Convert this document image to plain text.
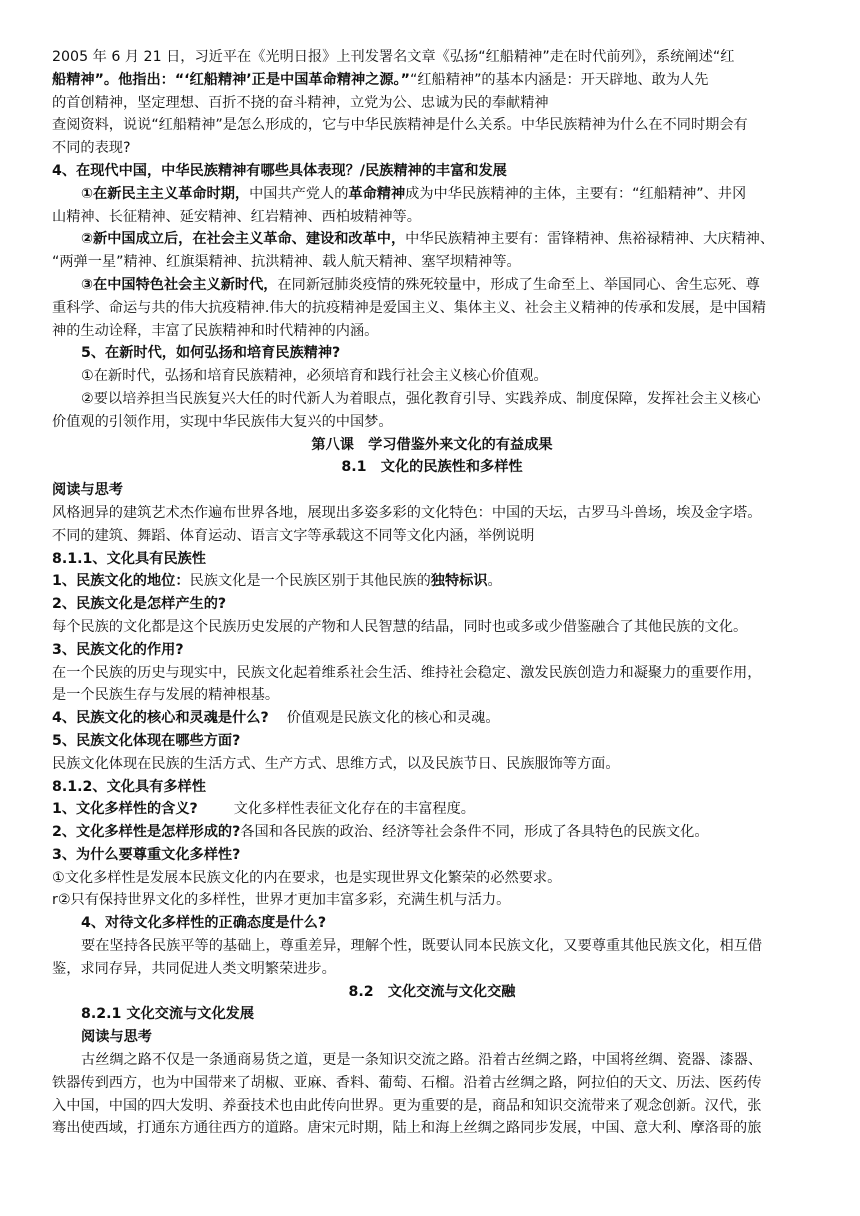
2005 年 6 月 21 日，习近平在《光明日报》上刊发署名文章《弘扬“红船精神”走在时代前列》，系统阐述“红
船精神”。他指出：“‘红船精神’正是中国革命精神之源。”“红船精神”的基本内涵是：开天辟地、敢为人先
的首创精神，坚定理想、百折不挠的奋斗精神，立党为公、忠诚为民的奉献精神
查阅资料，说说“红船精神”是怎么形成的，它与中华民族精神是什么关系。中华民族精神为什么在不同时期会有
不同的表现?
4、在现代中国，中华民族精神有哪些具体表现？/民族精神的丰富和发展
①在新民主主义革命时期，中国共产党人的革命精神成为中华民族精神的主体，主要有：“红船精神”、井冈
山精神、长征精神、延安精神、红岩精神、西柏坡精神等。
②新中国成立后，在社会主义革命、建设和改革中，中华民族精神主要有：雷锋精神、焦裕禄精神、大庆精神、
“两弹一星”精神、红旗渠精神、抗洪精神、载人航天精神、塞罕坝精神等。
③在中国特色社会主义新时代，在同新冠肺炎疫情的殊死较量中，形成了生命至上、举国同心、舍生忘死、尊
重科学、命运与共的伟大抗疫精神.伟大的抗疫精神是爱国主义、集体主义、社会主义精神的传承和发展，是中国精
神的生动诠释，丰富了民族精神和时代精神的内涵。
5、在新时代，如何弘扬和培育民族精神?
①在新时代，弘扬和培育民族精神，必须培育和践行社会主义核心价值观。
②要以培养担当民族复兴大任的时代新人为着眼点，强化教育引导、实践养成、制度保障，发挥社会主义核心
价值观的引领作用，实现中华民族伟大复兴的中国梦。
第八课　学习借鉴外来文化的有益成果
8.1　文化的民族性和多样性
阅读与思考
风格迥异的建筑艺术杰作遍布世界各地，展现出多姿多彩的文化特色：中国的天坛，古罗马斗兽场，埃及金字塔。
不同的建筑、舞蹈、体育运动、语言文字等承载这不同等文化内涵，举例说明
8.1.1、文化具有民族性
1、民族文化的地位：民族文化是一个民族区别于其他民族的独特标识。
2、民族文化是怎样产生的?
每个民族的文化都是这个民族历史发展的产物和人民智慧的结晶，同时也或多或少借鉴融合了其他民族的文化。
3、民族文化的作用?
在一个民族的历史与现实中，民族文化起着维系社会生活、维持社会稳定、激发民族创造力和凝聚力的重要作用，
是一个民族生存与发展的精神根基。
4、民族文化的核心和灵魂是什么? 价值观是民族文化的核心和灵魂。
5、民族文化体现在哪些方面?
民族文化体现在民族的生活方式、生产方式、思维方式，以及民族节日、民族服饰等方面。
8.1.2、文化具有多样性
1、文化多样性的含义?	文化多样性表征文化存在的丰富程度。
2、文化多样性是怎样形成的?各国和各民族的政治、经济等社会条件不同，形成了各具特色的民族文化。
3、为什么要尊重文化多样性?
①文化多样性是发展本民族文化的内在要求，也是实现世界文化繁荣的必然要求。
r②只有保持世界文化的多样性，世界才更加丰富多彩，充满生机与活力。
4、对待文化多样性的正确态度是什么?
要在坚持各民族平等的基础上，尊重差异，理解个性，既要认同本民族文化，又要尊重其他民族文化，相互借
鉴，求同存异，共同促进人类文明繁荣进步。
8.2　文化交流与文化交融
8.2.1 文化交流与文化发展
阅读与思考
古丝绸之路不仅是一条通商易货之道，更是一条知识交流之路。沿着古丝绸之路，中国将丝绸、瓷器、漆器、
铁器传到西方，也为中国带来了胡椒、亚麻、香料、葡萄、石榴。沿着古丝绸之路，阿拉伯的天文、历法、医药传
入中国，中国的四大发明、养蚕技术也由此传向世界。更为重要的是，商品和知识交流带来了观念创新。汉代，张
骞出使西域，打通东方通往西方的道路。唐宋元时期，陆上和海上丝绸之路同步发展，中国、意大利、摩洛哥的旅
